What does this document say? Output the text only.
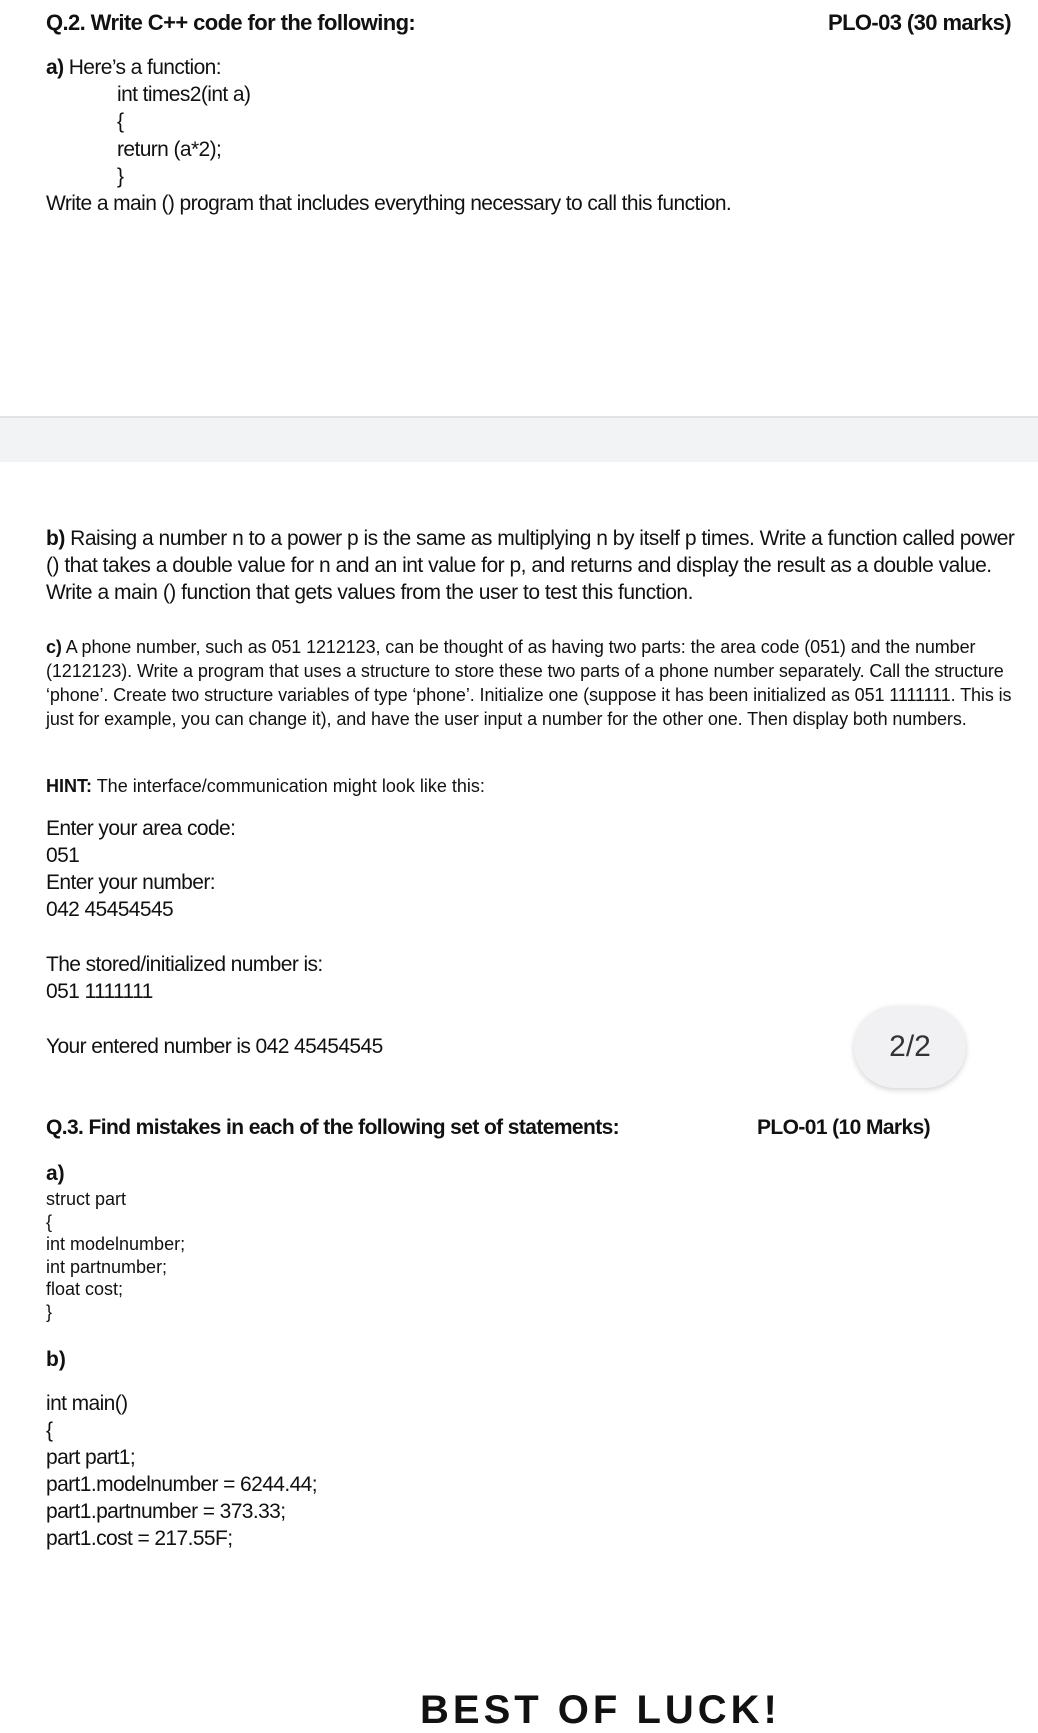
Q.2. Write C++ code for the following:	PLO-03 (30 marks)
a) Here’s a function:
int times2(int a)
{
return (a*2);
}
Write a main () program that includes everything necessary to call this function.
b) Raising a number n to a power p is the same as multiplying n by itself p times. Write a function called power () that takes a double value for n and an int value for p, and returns and display the result as a double value. Write a main () function that gets values from the user to test this function.
c) A phone number, such as 051 1212123, can be thought of as having two parts: the area code (051) and the number (1212123). Write a program that uses a structure to store these two parts of a phone number separately. Call the structure ‘phone’. Create two structure variables of type ‘phone’. Initialize one (suppose it has been initialized as 051 1111111. This is just for example, you can change it), and have the user input a number for the other one. Then display both numbers.
HINT: The interface/communication might look like this:
Enter your area code:
051
Enter your number:
042 45454545
The stored/initialized number is:
051 1111111
Your entered number is 042 45454545	2/2
Q.3. Find mistakes in each of the following set of statements:	PLO-01 (10 Marks)
a)
struct part
{
int modelnumber;
int partnumber;
float cost;
}
b)
int main()
{
part part1;
part1.modelnumber = 6244.44;
part1.partnumber = 373.33;
part1.cost = 217.55F;
BEST OF LUCK!
